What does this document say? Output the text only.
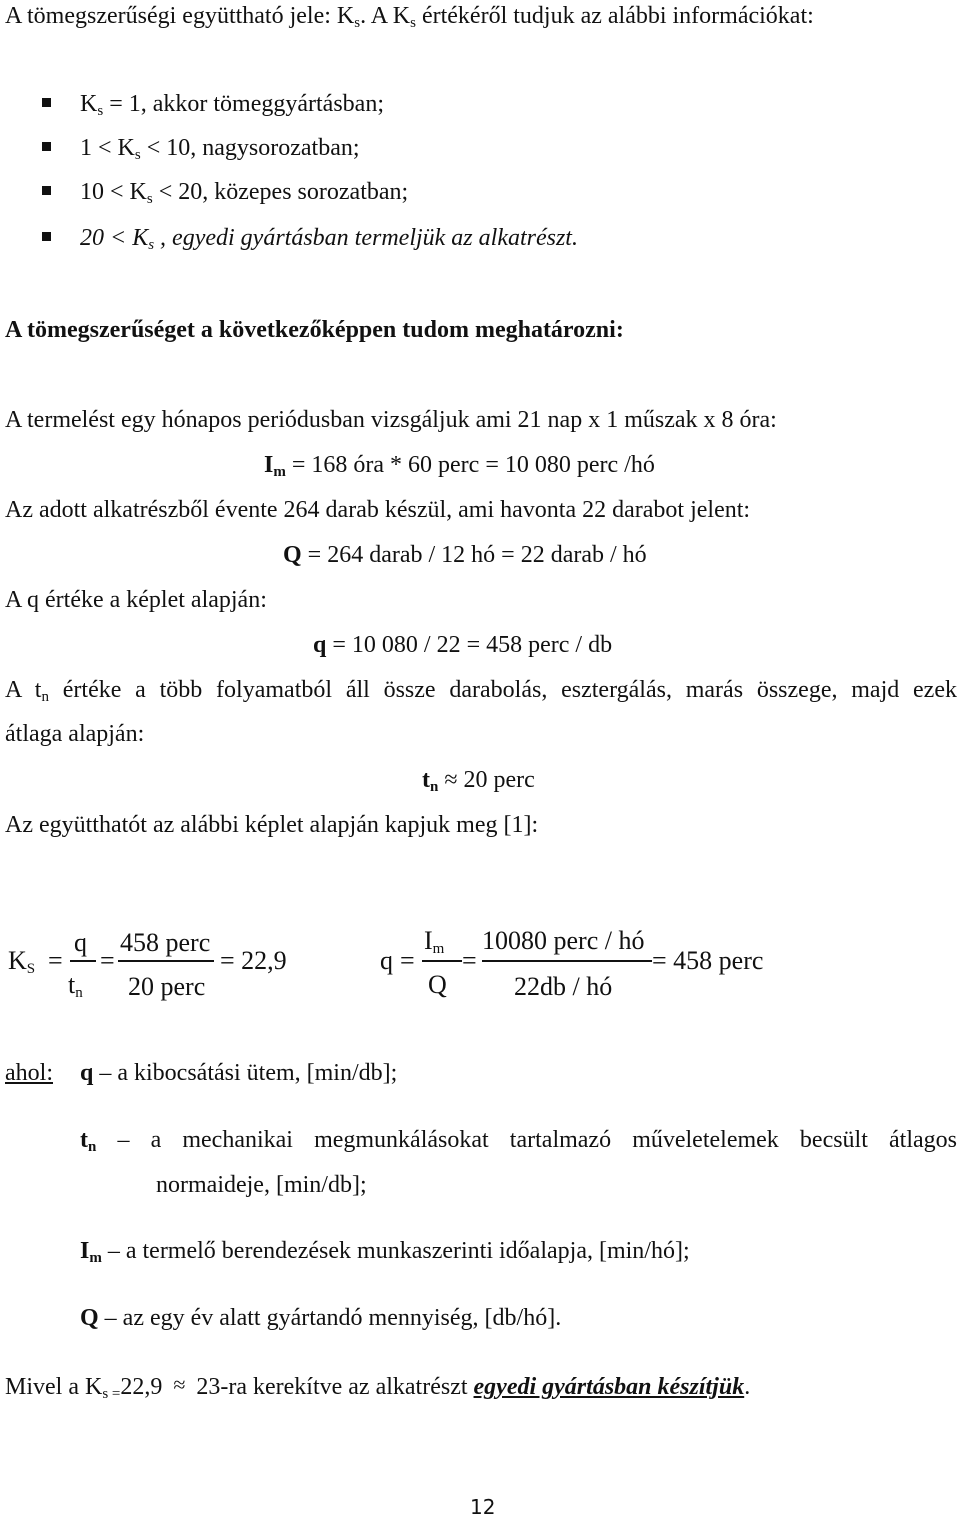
A tömegszerűségi együttható jele: $K_s$. A $K_s$ értékéről tudjuk az alábbi információkat:
$K_s = 1$, akkor tömeggyártásban;
$1 < K_s < 10$, nagysorozatban;
$10 < K_s < 20$, közepes sorozatban;
$20 < K_s$ , egyedi gyártásban termeljük az alkatrészt.
A tömegszerűséget a következőképpen tudom meghatározni:
A termelést egy hónapos periódusban vizsgáljuk ami 21 nap x 1 műszak x 8 óra:
$I_m = 168$ óra * 60 perc = 10 080 perc /hó
Az adott alkatrészből évente 264 darab készül, ami havonta 22 darabot jelent:
Q = 264 darab / 12 hó = 22 darab / hó
A q értéke a képlet alapján:
q = 10 080 / 22 = 458 perc / db
A $t_n$ értéke a több folyamatból áll össze darabolás, esztergálás, marás összege, majd ezek
átlaga alapján:
$t_n \approx 20$ perc
Az együtthatót az alábbi képlet alapján kapjuk meg [1]:
$K_S$ =
q
$t_n$
=
458 perc
20 perc
= 22,9	q =
$I_m$
Q
=
10080 perc / hó
22db / hó
= 458 perc
ahol: q – a kibocsátási ütem, [min/db];
$t_n$ – a mechanikai megmunkálásokat tartalmazó műveletelemek becsült átlagos
normaideje, [min/db];
$I_m$ – a termelő berendezések munkaszerinti időalapja, [min/hó];
Q – az egy év alatt gyártandó mennyiség, [db/hó].
Mivel a $K_{s =}22,9 \approx 23-ra$ kerekítve az alkatrészt egyedi gyártásban készítjük.
12
